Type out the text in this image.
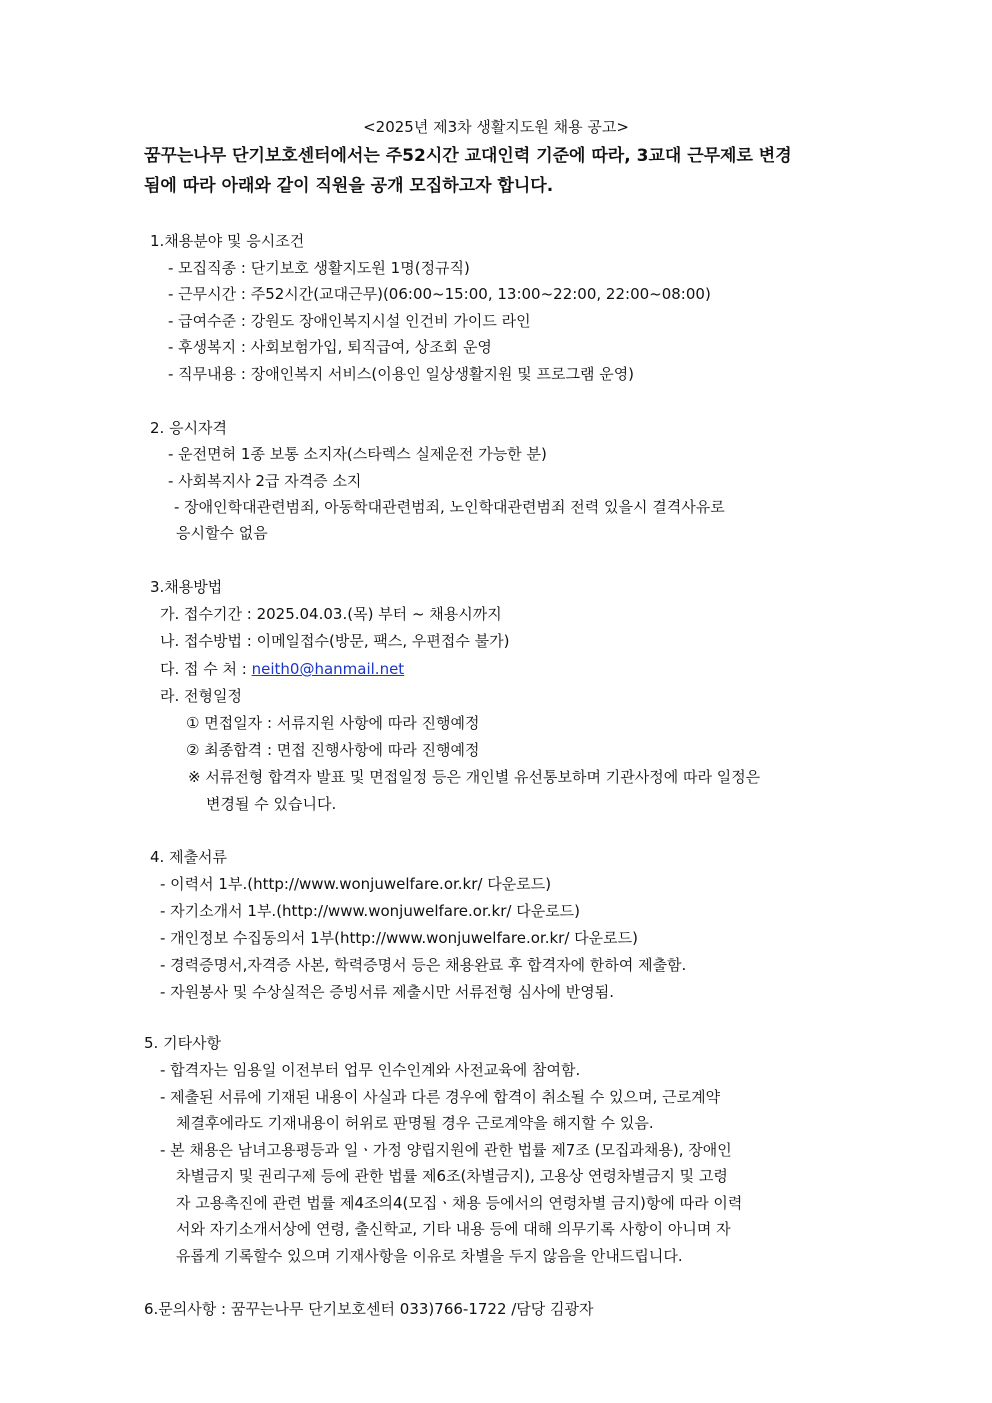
<2025년 제3차 생활지도원 채용 공고>
꿈꾸는나무 단기보호센터에서는 주52시간 교대인력 기준에 따라, 3교대 근무제로 변경
됨에 따라 아래와 같이 직원을 공개 모집하고자 합니다.
1.채용분야 및 응시조건
- 모집직종 : 단기보호 생활지도원 1명(정규직)
- 근무시간 : 주52시간(교대근무)(06:00~15:00, 13:00~22:00, 22:00~08:00)
- 급여수준 : 강원도 장애인복지시설 인건비 가이드 라인
- 후생복지 : 사회보험가입, 퇴직급여, 상조회 운영
- 직무내용 : 장애인복지 서비스(이용인 일상생활지원 및 프로그램 운영)
2. 응시자격
- 운전면허 1종 보통 소지자(스타렉스 실제운전 가능한 분)
- 사회복지사 2급 자격증 소지
- 장애인학대관련범죄, 아동학대관련범죄, 노인학대관련범죄 전력 있을시 결격사유로
응시할수 없음
3.채용방법
가. 접수기간 : 2025.04.03.(목) 부터 ~ 채용시까지
나. 접수방법 : 이메일접수(방문, 팩스, 우편접수 불가)
다. 접 수 처 : neith0@hanmail.net
라. 전형일정
① 면접일자 : 서류지원 사항에 따라 진행예정
② 최종합격 : 면접 진행사항에 따라 진행예정
※ 서류전형 합격자 발표 및 면접일정 등은 개인별 유선통보하며 기관사정에 따라 일정은
변경될 수 있습니다.
4. 제출서류
- 이력서 1부.(http://www.wonjuwelfare.or.kr/ 다운로드)
- 자기소개서 1부.(http://www.wonjuwelfare.or.kr/ 다운로드)
- 개인정보 수집동의서 1부(http://www.wonjuwelfare.or.kr/ 다운로드)
- 경력증명서,자격증 사본, 학력증명서 등은 채용완료 후 합격자에 한하여 제출함.
- 자원봉사 및 수상실적은 증빙서류 제출시만 서류전형 심사에 반영됨.
5. 기타사항
- 합격자는 임용일 이전부터 업무 인수인계와 사전교육에 참여함.
- 제출된 서류에 기재된 내용이 사실과 다른 경우에 합격이 취소될 수 있으며, 근로계약
체결후에라도 기재내용이 허위로 판명될 경우 근로계약을 해지할 수 있음.
- 본 채용은 남녀고용평등과 일ㆍ가정 양립지원에 관한 법률 제7조 (모집과채용), 장애인
차별금지 및 권리구제 등에 관한 법률 제6조(차별금지), 고용상 연령차별금지 및 고령
자 고용촉진에 관련 법률 제4조의4(모집ㆍ채용 등에서의 연령차별 금지)항에 따라 이력
서와 자기소개서상에 연령, 출신학교, 기타 내용 등에 대해 의무기록 사항이 아니며 자
유롭게 기록할수 있으며 기재사항을 이유로 차별을 두지 않음을 안내드립니다.
6.문의사항 : 꿈꾸는나무 단기보호센터 033)766-1722 /담당 김광자
